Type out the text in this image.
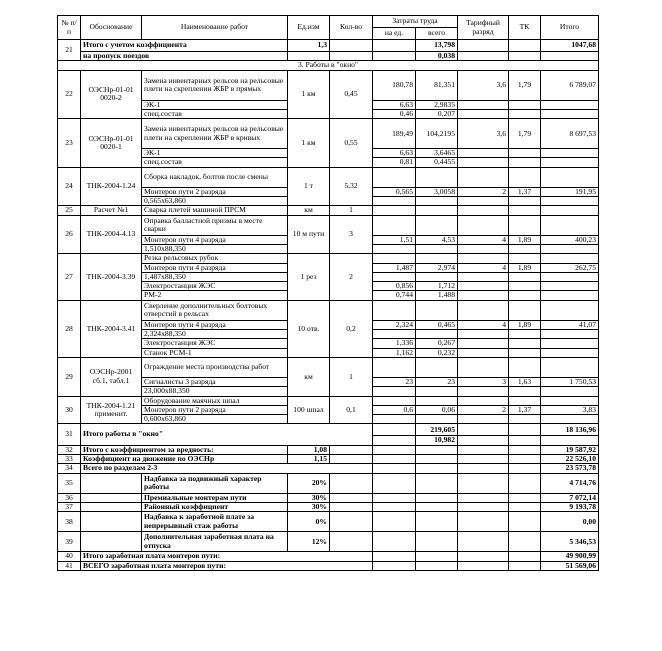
№ п/п	Обоснование	Наименование работ	Ед.изм	Кол-во	Затраты труда		Тарифный разряд	ТК	Итого
					на ед.	всего			
21	Итого с учетом коэффициента		1,3			13,798			1047,68
	на пропуск поездов					0,038			
3. Работы в "окно"									
22	ОЭСНр-01-01 0020-2	Замена инвентарных рельсов на рельсовые плети на скреплении ЖБР в прямых	1 км	0,45	180,78	81,351	3,6	1,79	6 789,07
		ЭК-1			6,63	2,9835			
		спец.состав			0,46	0,207			
23	ОЭСНр-01-01 0020-1	Замена инвентарных рельсов на рельсовые плети на скреплении ЖБР в кривых	1 км	0,55	189,49	104,2195	3,6	1,79	8 697,53
		ЭК-1			6,63	3,6465			
		спец.состав			0,81	0,4455			
24	ТНК-2004-1.24	Сборка накладок, болтов после смены	1 т	5,32					
		Монтеров пути 2 разряда			0,565	3,0058	2	1,37	191,95
		0,565х63,860							
25	Расчет №1	Сварка плетей машиной ПРСМ	км	1					
26	ТНК-2004-4.13	Оправка балластной призмы в месте сварки	10 м пути	3					
		Монтеров пути 4 разряда			1,51	4,53	4	1,89	400,23
		1,510х88,350							
27	ТНК-2004-3.39	Резка рельсовых рубок	1 рез	2					
		Монтеров пути 4 разряда			1,487	2,974	4	1,89	262,75
		1,487х88,350							
		Электростанция ЖЭС			0,856	1,712			
		РМ-2			0,744	1,488			
28	ТНК-2004-3.41	Сверление дополнительных болтовых отверстий в рельсах	10 отв.	0,2					
		Монтеров пути 4 разряда			2,324	0,465	4	1,89	41,07
		2,324х88,350							
		Электростанция ЖЭС			1,336	0,267			
		Станок РСМ-1			1,162	0,232			
29	ОЭСНр-2001 сб.1, табл.1	Ограждение места производства работ	км	1					
		Сигналисты 3 разряда			23	23	3	1,63	1 750,53
		23,000х88,350							
30	ТНК-2004-1.21 применит.	Оборудование маячных шпал	100 шпал	0,1					
		Монтеров пути 2 разряда			0,6	0,06	2	1,37	3,83
		0,600х63,860							
31	Итого работы в "окно"					219,605			18 136,96
						10,982			
32	Итого с коэффициентом за вредность:		1,08						19 587,92
33	Коэффициент на движение по ОЭСНр		1,15						22 526,10
34	Всего по разделам 2-3								23 573,78
35		Надбавка за подвижный характер работы	20%						4 714,76
36		Премиальные монтерам пути	30%						7 072,14
37		Районный коэффициент	30%						9 193,78
38		Надбавка к заработной плате за непрерывный стаж работы	0%						0,00
39		Дополнительная заработная плата на отпуска	12%						5 346,53
40	Итого заработная плата монтеров пути:								49 900,99
41	ВСЕГО заработная плата монтеров пути:								51 569,06
